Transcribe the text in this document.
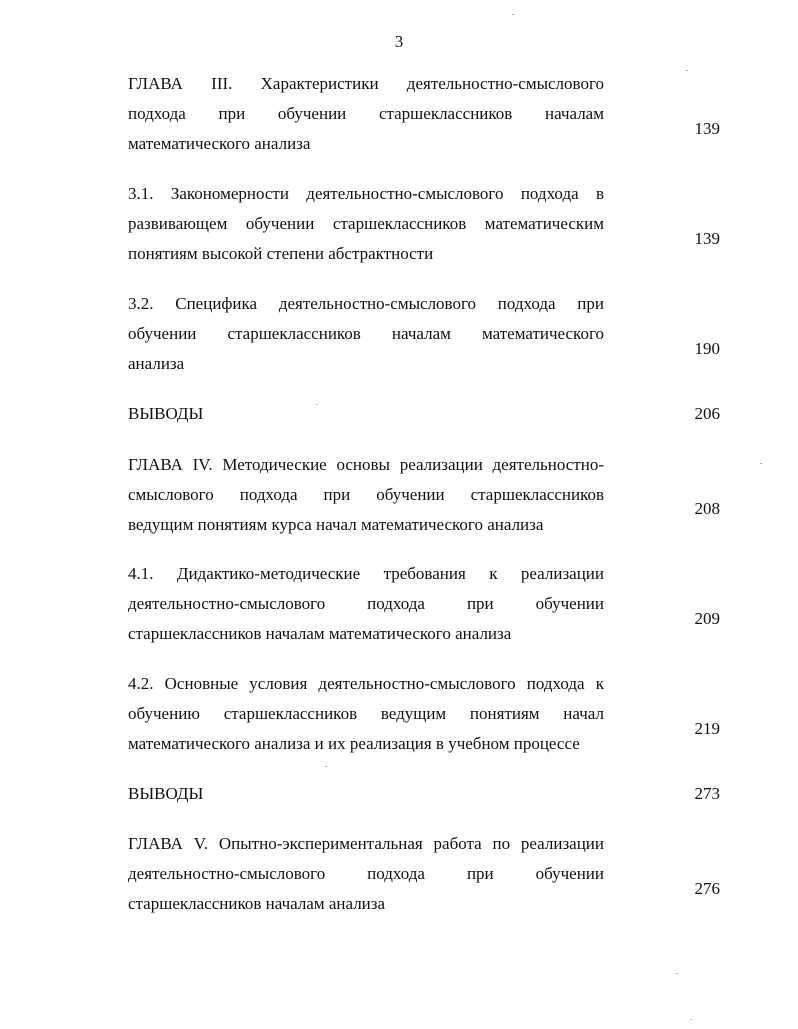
3
ГЛАВА III. Характеристики деятельностно-смыслового
подхода при обучении старшеклассников началам
математического анализа
139
3.1. Закономерности деятельностно-смыслового подхода в
развивающем обучении старшеклассников математическим
понятиям высокой степени абстрактности
139
3.2. Специфика деятельностно-смыслового подхода при
обучении старшеклассников началам математического
анализа
190
ВЫВОДЫ	206
ГЛАВА IV. Методические основы реализации деятельностно-
смыслового подхода при обучении старшеклассников
ведущим понятиям курса начал математического анализа
208
4.1. Дидактико-методические требования к реализации
деятельностно-смыслового подхода при обучении
старшеклассников началам математического анализа
209
4.2. Основные условия деятельностно-смыслового подхода к
обучению старшеклассников ведущим понятиям начал
математического анализа и их реализация в учебном процессе
219
ВЫВОДЫ	273
ГЛАВА V. Опытно-экспериментальная работа по реализации
деятельностно-смыслового подхода при обучении
старшеклассников началам анализа
276
